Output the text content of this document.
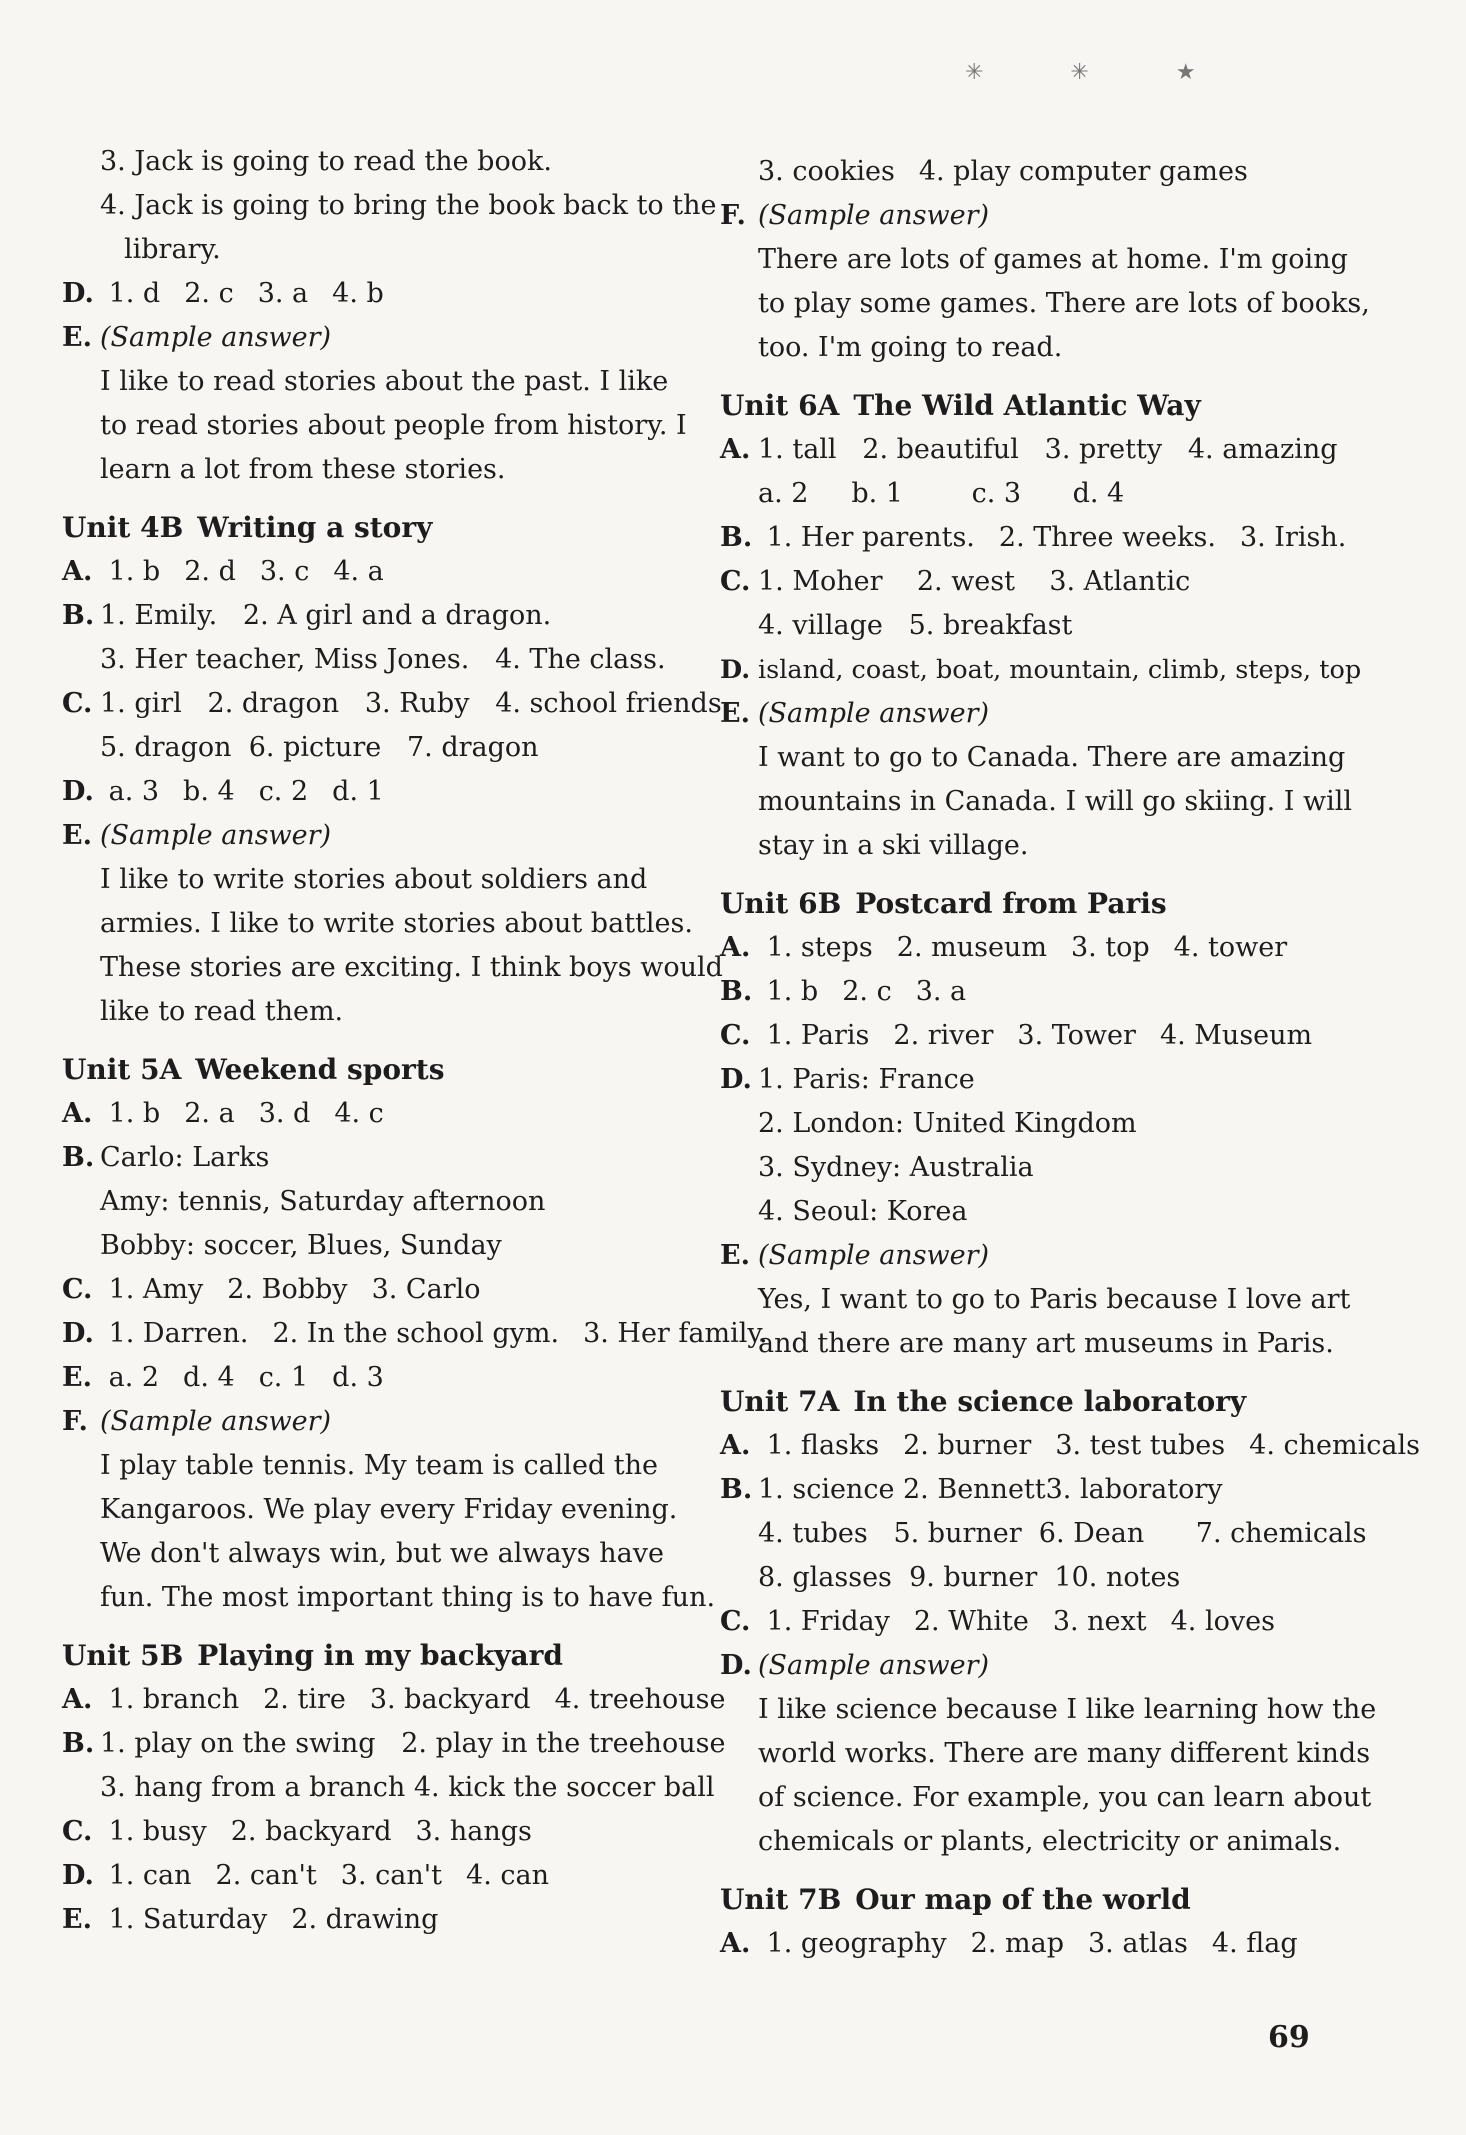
✳ ✳ ★
3. Jack is going to read the book.
4. Jack is going to bring the book back to the
library.
D. 1. d 2. c 3. a 4. b
E. (Sample answer)
I like to read stories about the past. I like
to read stories about people from history. I
learn a lot from these stories.
Unit 4B Writing a story
A. 1. b 2. d 3. c 4. a
B. 1. Emily.   2. A girl and a dragon.
3. Her teacher, Miss Jones.   4. The class.
C. 1. girl   2. dragon   3. Ruby   4. school friends
5. dragon  6. picture   7. dragon
D. a. 3 b. 4 c. 2 d. 1
E. (Sample answer)
I like to write stories about soldiers and
armies. I like to write stories about battles.
These stories are exciting. I think boys would
like to read them.
Unit 5A Weekend sports
A. 1. b 2. a 3. d 4. c
B. Carlo: Larks
Amy: tennis, Saturday afternoon
Bobby: soccer, Blues, Sunday
C. 1. Amy 2. Bobby 3. Carlo
D. 1. Darren. 2. In the school gym. 3. Her family.
E. a. 2 d. 4 c. 1 d. 3
F. (Sample answer)
I play table tennis. My team is called the
Kangaroos. We play every Friday evening.
We don't always win, but we always have
fun. The most important thing is to have fun.
Unit 5B Playing in my backyard
A. 1. branch 2. tire 3. backyard 4. treehouse
B. 1. play on the swing   2. play in the treehouse
3. hang from a branch 4. kick the soccer ball
C. 1. busy 2. backyard 3. hangs
D. 1. can 2. can't 3. can't 4. can
E. 1. Saturday 2. drawing
3. cookies 4. play computer games
F. (Sample answer)
There are lots of games at home. I'm going
to play some games. There are lots of books,
too. I'm going to read.
Unit 6A The Wild Atlantic Way
A. 1. tall   2. beautiful   3. pretty   4. amazing
a. 2     b. 1        c. 3      d. 4
B. 1. Her parents. 2. Three weeks. 3. Irish.
C. 1. Moher    2. west    3. Atlantic
4. village   5. breakfast
D. island, coast, boat, mountain, climb, steps, top
E. (Sample answer)
I want to go to Canada. There are amazing
mountains in Canada. I will go skiing. I will
stay in a ski village.
Unit 6B Postcard from Paris
A. 1. steps 2. museum 3. top 4. tower
B. 1. b 2. c 3. a
C. 1. Paris 2. river 3. Tower 4. Museum
D. 1. Paris: France
2. London: United Kingdom
3. Sydney: Australia
4. Seoul: Korea
E. (Sample answer)
Yes, I want to go to Paris because I love art
and there are many art museums in Paris.
Unit 7A In the science laboratory
A. 1. flasks 2. burner 3. test tubes 4. chemicals
B. 1. science 2. Bennett3. laboratory
4. tubes   5. burner  6. Dean      7. chemicals
8. glasses  9. burner  10. notes
C. 1. Friday 2. White 3. next 4. loves
D. (Sample answer)
I like science because I like learning how the
world works. There are many different kinds
of science. For example, you can learn about
chemicals or plants, electricity or animals.
Unit 7B Our map of the world
A. 1. geography 2. map 3. atlas 4. flag
69
